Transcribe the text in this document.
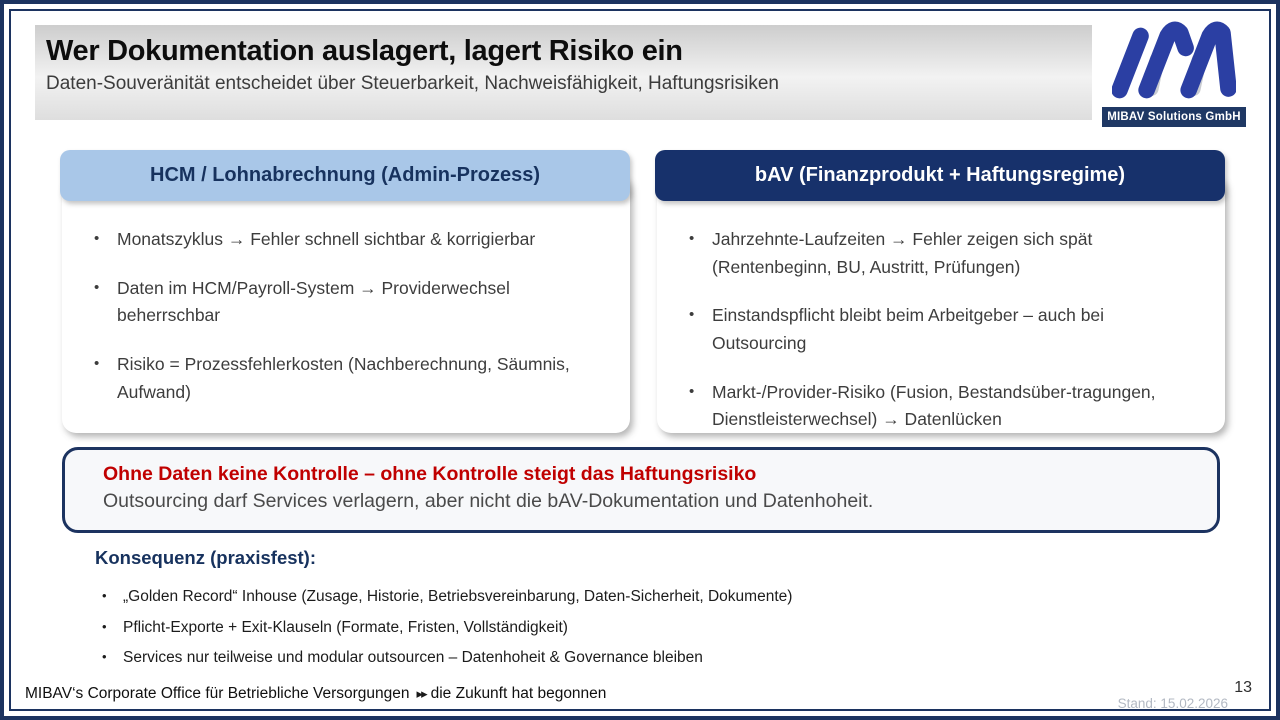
Wer Dokumentation auslagert, lagert Risiko ein
Daten-Souveränität entscheidet über Steuerbarkeit, Nachweisfähigkeit, Haftungsrisiken
MIBAV Solutions GmbH
• Monatszyklus → Fehler schnell sichtbar & korrigierbar
• Daten im HCM/Payroll-System → Providerwechsel beherrschbar
• Risiko = Prozessfehlerkosten (Nachberechnung, Säumnis, Aufwand)
HCM / Lohnabrechnung (Admin-Prozess)
• Jahrzehnte-Laufzeiten → Fehler zeigen sich spät (Rentenbeginn, BU, Austritt, Prüfungen)
• Einstandspflicht bleibt beim Arbeitgeber – auch bei Outsourcing
• Markt-/Provider-Risiko (Fusion, Bestandsüber-tragungen, Dienstleisterwechsel) → Datenlücken
bAV (Finanzprodukt + Haftungsregime)
Ohne Daten keine Kontrolle – ohne Kontrolle steigt das Haftungsrisiko
Outsourcing darf Services verlagern, aber nicht die bAV-Dokumentation und Datenhoheit.
Konsequenz (praxisfest):
• „Golden Record“ Inhouse (Zusage, Historie, Betriebsvereinbarung, Daten-Sicherheit, Dokumente)
• Pflicht-Exporte + Exit-Klauseln (Formate, Fristen, Vollständigkeit)
• Services nur teilweise und modular outsourcen – Datenhoheit & Governance bleiben
MIBAV‘s Corporate Office für Betriebliche Versorgungen ▸▸ die Zukunft hat begonnen	13
Stand: 15.02.2026
